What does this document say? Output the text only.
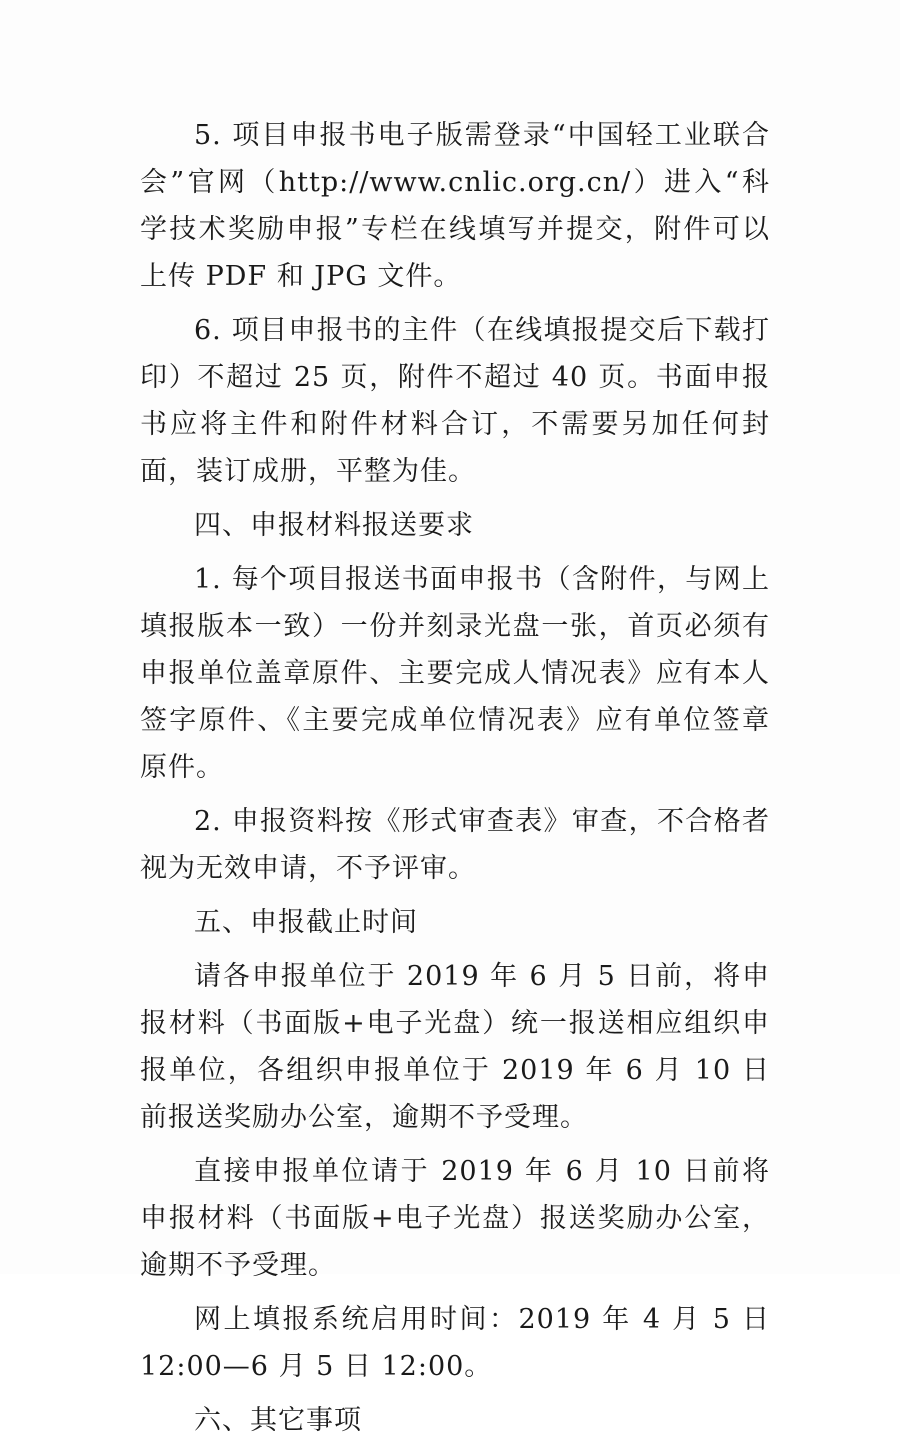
5. 项目申报书电子版需登录“中国轻工业联合会”官网（http://www.cnlic.org.cn/）进入“科学技术奖励申报”专栏在线填写并提交，附件可以上传 PDF 和 JPG 文件。

6. 项目申报书的主件（在线填报提交后下载打印）不超过 25 页，附件不超过 40 页。书面申报书应将主件和附件材料合订，不需要另加任何封面，装订成册，平整为佳。

四、申报材料报送要求

1. 每个项目报送书面申报书（含附件，与网上填报版本一致）一份并刻录光盘一张，首页必须有申报单位盖章原件、主要完成人情况表》应有本人签字原件、《主要完成单位情况表》应有单位签章原件。

2. 申报资料按《形式审查表》审查，不合格者视为无效申请，不予评审。

五、申报截止时间

请各申报单位于 2019 年 6 月 5 日前，将申报材料（书面版+电子光盘）统一报送相应组织申报单位，各组织申报单位于 2019 年 6 月 10 日前报送奖励办公室，逾期不予受理。

直接申报单位请于 2019 年 6 月 10 日前将申报材料（书面版+电子光盘）报送奖励办公室，逾期不予受理。

网上填报系统启用时间：2019 年 4 月 5 日 12:00—6 月 5 日 12:00。

六、其它事项
